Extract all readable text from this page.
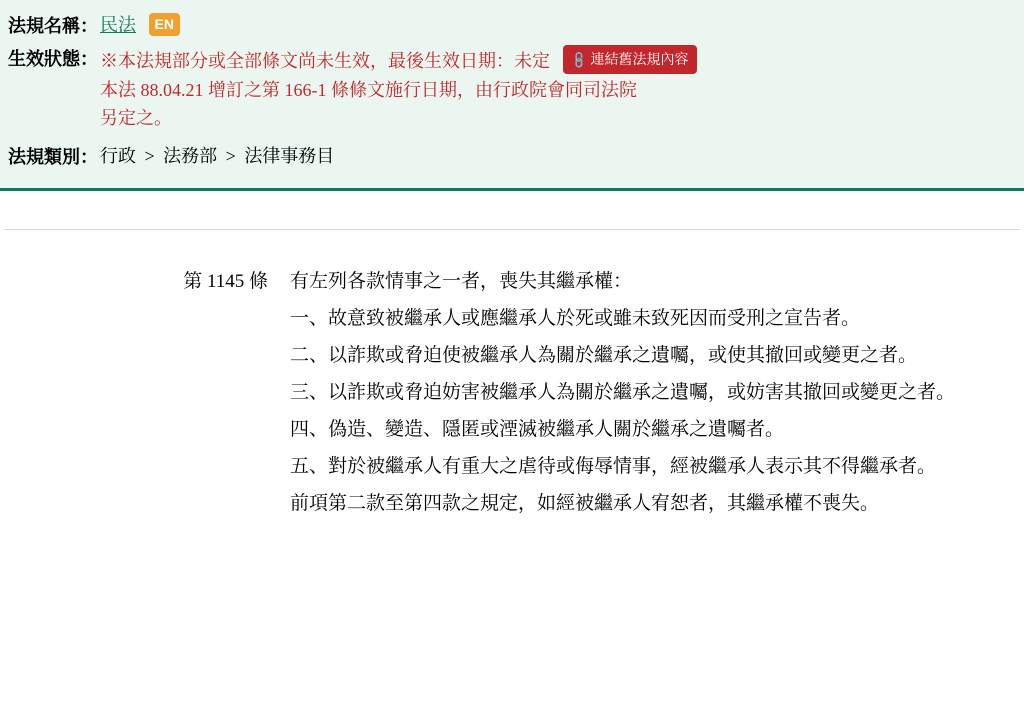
法規名稱： 民法 EN
生效狀態： ※本法規部分或全部條文尚未生效，最後生效日期：未定 🔗 連結舊法規內容
本法 88.04.21 增訂之第 166-1 條條文施行日期，由行政院會同司法院
另定之。
法規類別： 行政 > 法務部 > 法律事務目
第 1145 條	有左列各款情事之一者，喪失其繼承權：

一、故意致被繼承人或應繼承人於死或雖未致死因而受刑之宣告者。

二、以詐欺或脅迫使被繼承人為關於繼承之遺囑，或使其撤回或變更之者。

三、以詐欺或脅迫妨害被繼承人為關於繼承之遺囑，或妨害其撤回或變更之者。

四、偽造、變造、隱匿或湮滅被繼承人關於繼承之遺囑者。

五、對於被繼承人有重大之虐待或侮辱情事，經被繼承人表示其不得繼承者。

前項第二款至第四款之規定，如經被繼承人宥恕者，其繼承權不喪失。
